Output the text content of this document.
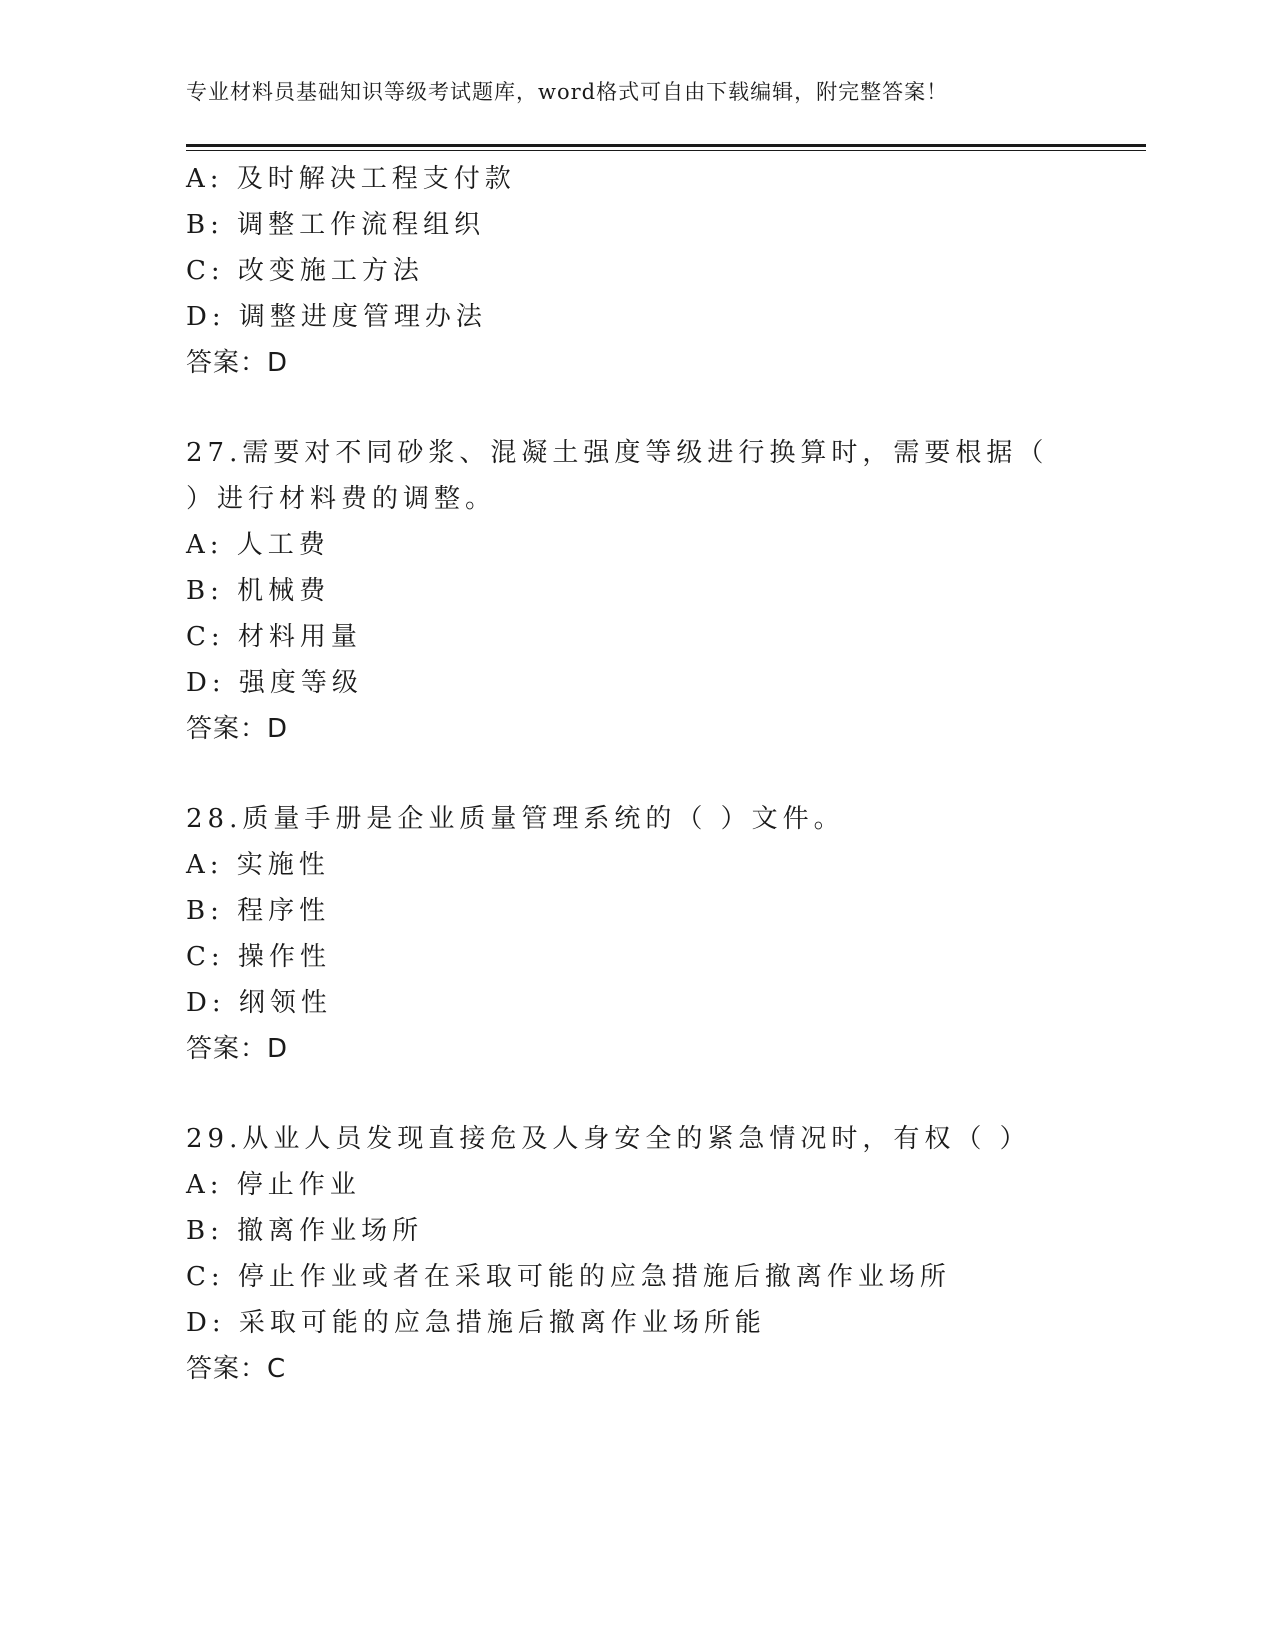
专业材料员基础知识等级考试题库，word格式可自由下载编辑，附完整答案！
A: 及时解决工程支付款
B: 调整工作流程组织
C: 改变施工方法
D: 调整进度管理办法
答案：D
27.需要对不同砂浆、混凝土强度等级进行换算时，需要根据（ ）进行材料费的调整。
A: 人工费
B: 机械费
C: 材料用量
D: 强度等级
答案：D
28.质量手册是企业质量管理系统的（ ）文件。
A: 实施性
B: 程序性
C: 操作性
D: 纲领性
答案：D
29.从业人员发现直接危及人身安全的紧急情况时，有权（ ）
A: 停止作业
B: 撤离作业场所
C: 停止作业或者在采取可能的应急措施后撤离作业场所
D: 采取可能的应急措施后撤离作业场所能
答案：C
